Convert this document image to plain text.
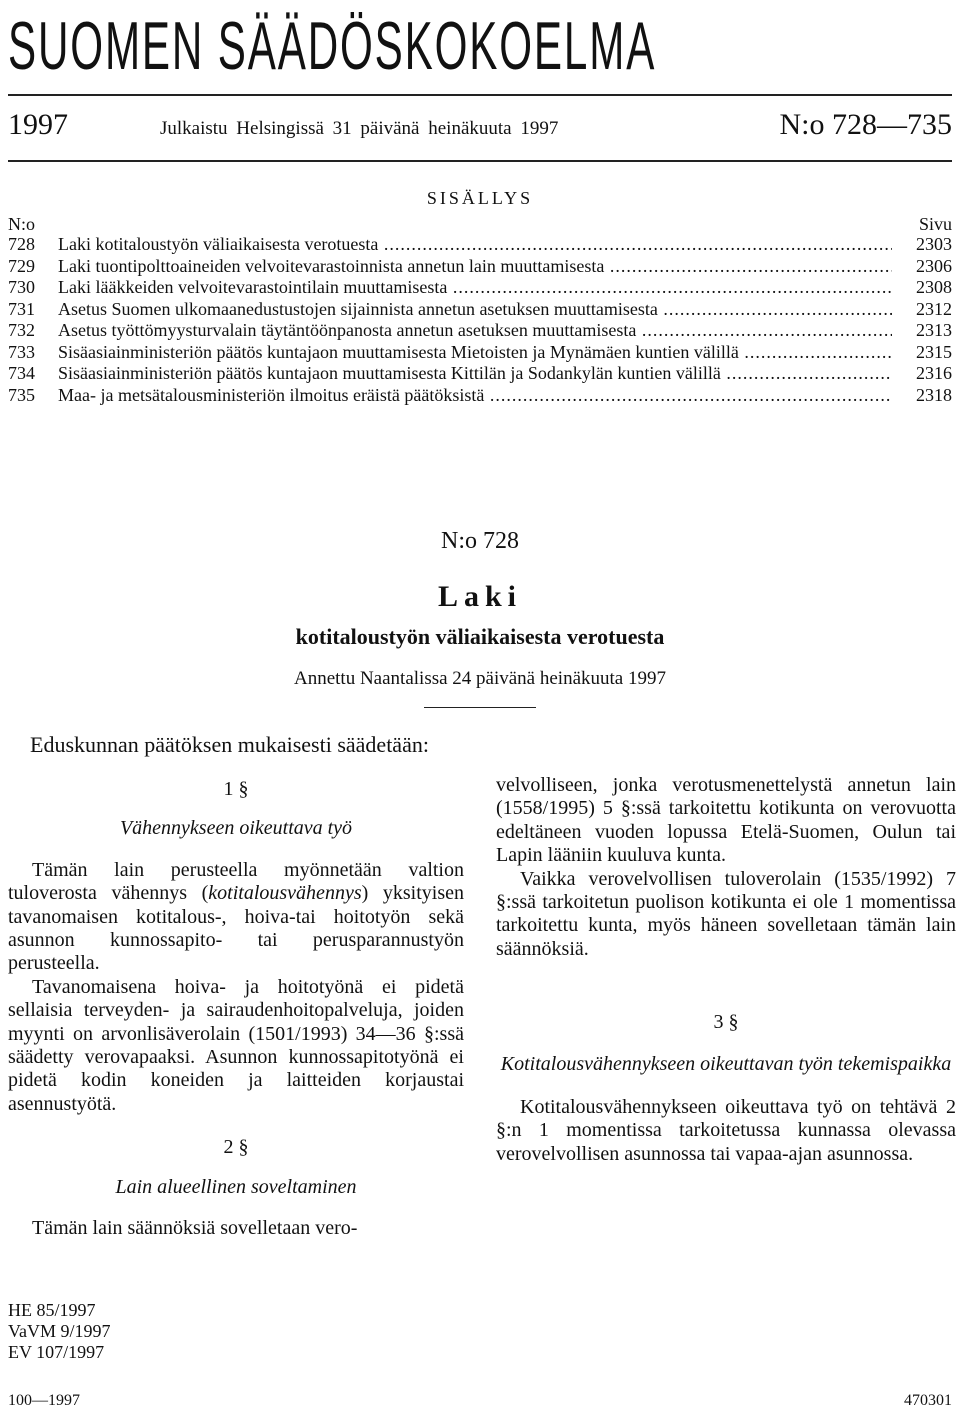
SUOMEN SÄÄDÖSKOKOELMA
1997	Julkaistu Helsingissä 31 päivänä heinäkuuta 1997	N:o 728—735
SISÄLLYS
N:o	Sivu
728	Laki kotitaloustyön väliaikaisesta verotuesta .....	2303
729	Laki tuontipolttoaineiden velvoitevarastoinnista annetun lain muuttamisesta .....	2306
730	Laki lääkkeiden velvoitevarastointilain muuttamisesta .....	2308
731	Asetus Suomen ulkomaanedustustojen sijainnista annetun asetuksen muuttamisesta .....	2312
732	Asetus työttömyysturvalain täytäntöönpanosta annetun asetuksen muuttamisesta .....	2313
733	Sisäasiainministeriön päätös kuntajaon muuttamisesta Mietoisten ja Mynämäen kuntien välillä .....	2315
734	Sisäasiainministeriön päätös kuntajaon muuttamisesta Kittilän ja Sodankylän kuntien välillä .....	2316
735	Maa- ja metsätalousministeriön ilmoitus eräistä päätöksistä .....	2318
N:o 728
Laki
kotitaloustyön väliaikaisesta verotuesta
Annettu Naantalissa 24 päivänä heinäkuuta 1997
Eduskunnan päätöksen mukaisesti säädetään:

1 §

Vähennykseen oikeuttava työ

Tämän lain perusteella myönnetään valtion tuloverosta vähennys (kotitalousvähennys) yksityisen tavanomaisen kotitalous-, hoiva-tai hoitotyön sekä asunnon kunnossapito- tai perusparannustyön perusteella.

Tavanomaisena hoiva- ja hoitotyönä ei pidetä sellaisia terveyden- ja sairaudenhoitopalveluja, joiden myynti on arvonlisäverolain (1501/1993) 34—36 §:ssä säädetty verovapaaksi. Asunnon kunnossapitotyönä ei pidetä kodin koneiden ja laitteiden korjaustai asennustyötä.

2 §

Lain alueellinen soveltaminen

Tämän lain säännöksiä sovelletaan vero-

velvolliseen, jonka verotusmenettelystä annetun lain (1558/1995) 5 §:ssä tarkoitettu kotikunta on verovuotta edeltäneen vuoden lopussa Etelä-Suomen, Oulun tai Lapin lääniin kuuluva kunta.

Vaikka verovelvollisen tuloverolain (1535/1992) 7 §:ssä tarkoitetun puolison kotikunta ei ole 1 momentissa tarkoitettu kunta, myös häneen sovelletaan tämän lain säännöksiä.

3 §

Kotitalousvähennykseen oikeuttavan työn tekemispaikka

Kotitalousvähennykseen oikeuttava työ on tehtävä 2 §:n 1 momentissa tarkoitetussa kunnassa olevassa verovelvollisen asunnossa tai vapaa-ajan asunnossa.

HE 85/1997
VaVM 9/1997
EV 107/1997
100—1997	470301
